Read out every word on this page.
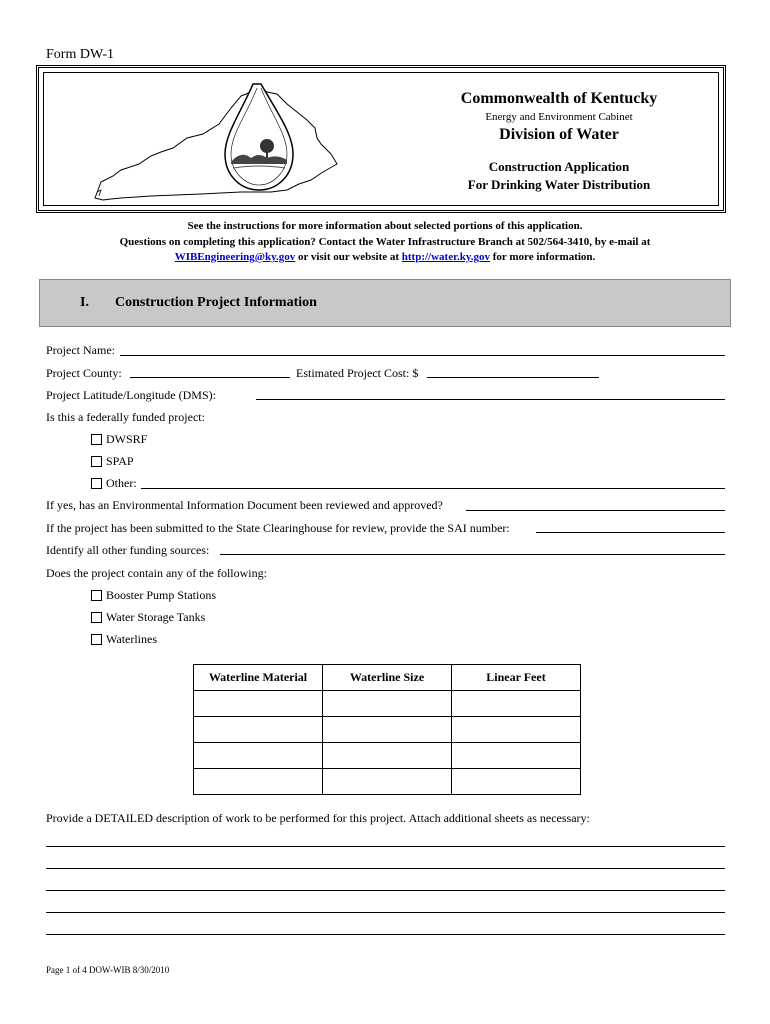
Form DW-1
Commonwealth of Kentucky
Energy and Environment Cabinet
Division of Water
Construction Application
For Drinking Water Distribution
See the instructions for more information about selected portions of this application.
Questions on completing this application? Contact the Water Infrastructure Branch at 502/564-3410, by e-mail at
WIBEngineering@ky.gov or visit our website at http://water.ky.gov for more information.
I. Construction Project Information
Project Name:
Project County:	Estimated Project Cost: $
Project Latitude/Longitude (DMS):
Is this a federally funded project:
DWSRF
SPAP
Other:
If yes, has an Environmental Information Document been reviewed and approved?
If the project has been submitted to the State Clearinghouse for review, provide the SAI number:
Identify all other funding sources:
Does the project contain any of the following:
Booster Pump Stations
Water Storage Tanks
Waterlines
Waterline Material	Waterline Size	Linear Feet

Provide a DETAILED description of work to be performed for this project. Attach additional sheets as necessary:
Page 1 of 4 DOW-WIB 8/30/2010
